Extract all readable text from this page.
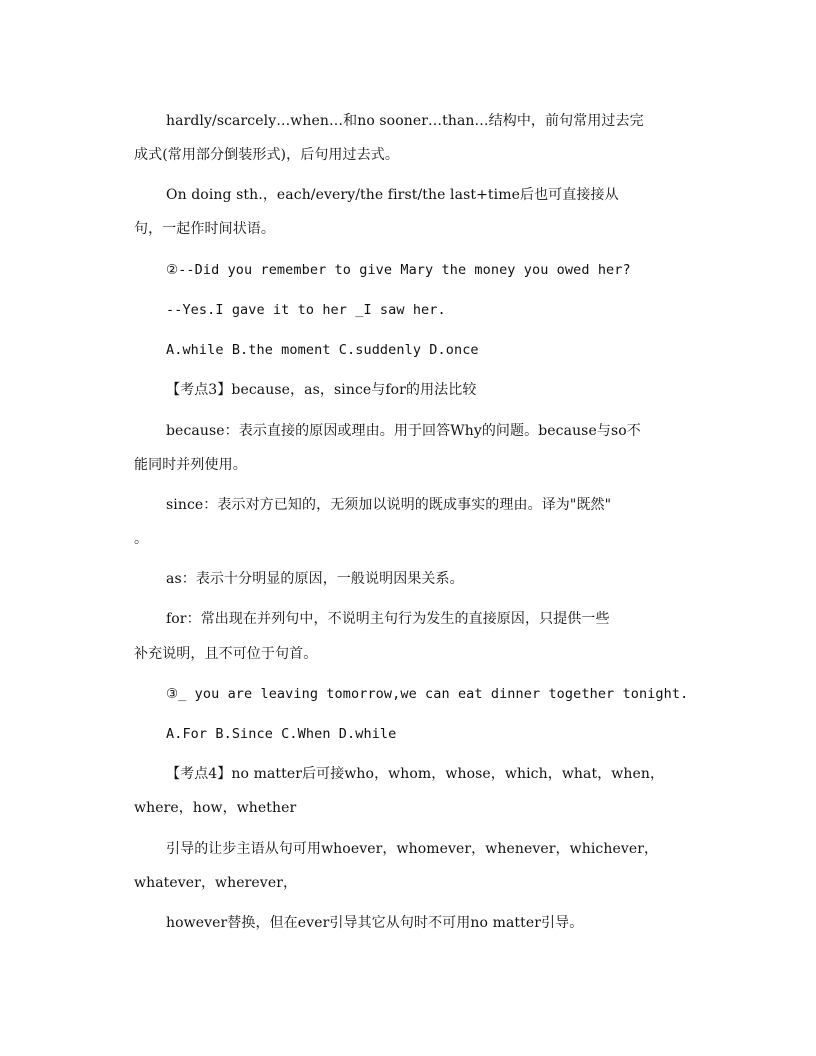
hardly/scarcely…when…和no sooner…than…结构中，前句常用过去完
成式(常用部分倒装形式)，后句用过去式。
On doing sth.，each/every/the first/the last+time后也可直接接从
句，一起作时间状语。
②--Did you remember to give Mary the money you owed her?
--Yes.I gave it to her _I saw her.
A.while B.the moment C.suddenly D.once
【考点3】because，as，since与for的用法比较
because：表示直接的原因或理由。用于回答Why的问题。because与so不
能同时并列使用。
since：表示对方已知的，无须加以说明的既成事实的理由。译为"既然"
。
as：表示十分明显的原因，一般说明因果关系。
for：常出现在并列句中，不说明主句行为发生的直接原因，只提供一些
补充说明，且不可位于句首。
③_ you are leaving tomorrow,we can eat dinner together tonight.
A.For B.Since C.When D.while
【考点4】no matter后可接who，whom，whose，which，what，when，
where，how，whether
引导的让步主语从句可用whoever，whomever，whenever，whichever，
whatever，wherever，
however替换，但在ever引导其它从句时不可用no matter引导。
